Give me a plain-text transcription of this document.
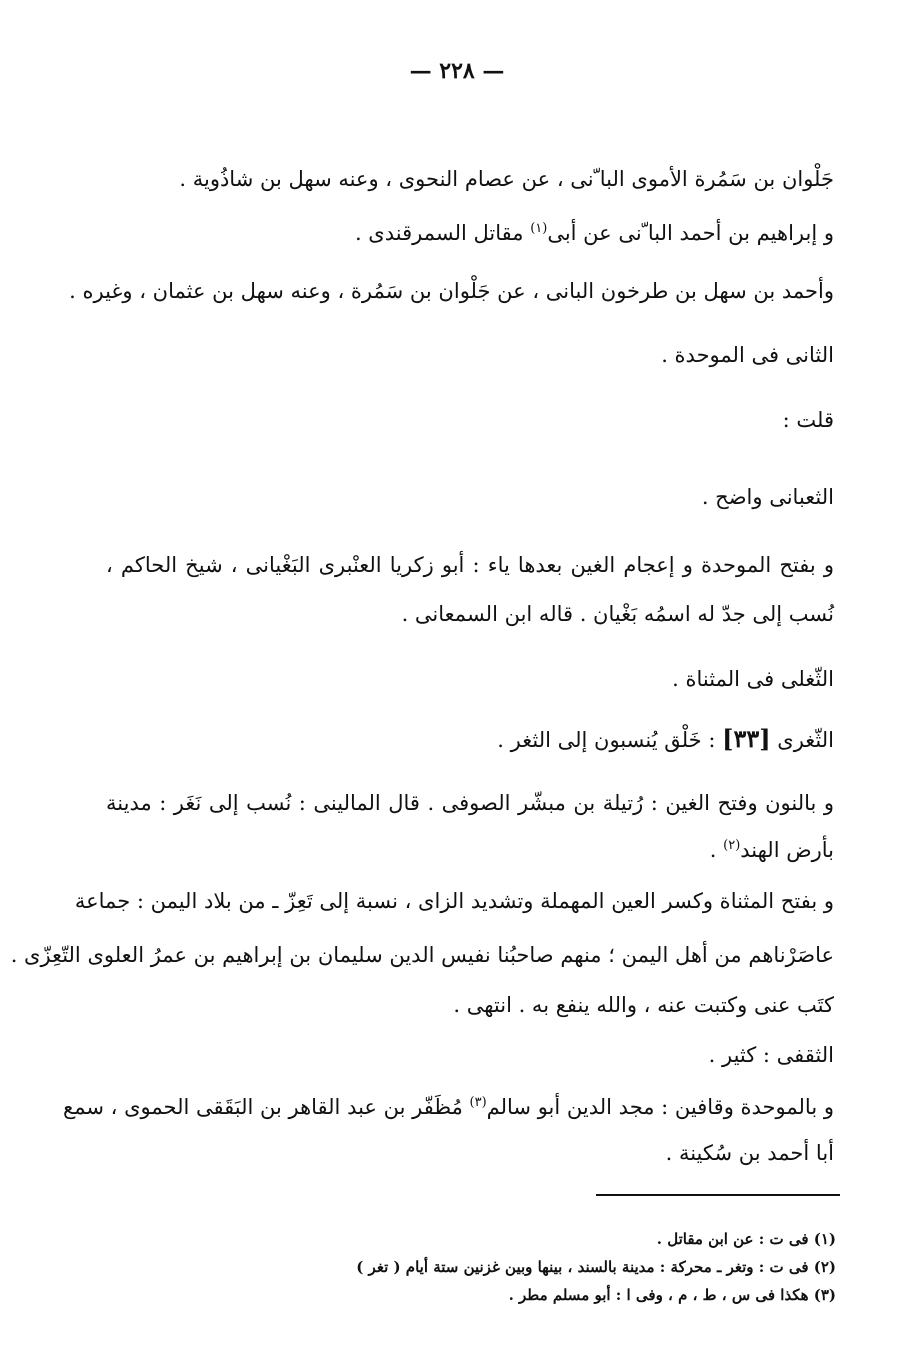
— ٢٢٨ —
جَلْوان بن سَمُرة الأموى البا ّنى ، عن عصام النحوى ، وعنه سهل بن شاذُوية .
و إبراهيم بن أحمد البا ّنى عن أبى$^{(١)}$ مقاتل السمرقندى .
وأحمد بن سهل بن طرخون البانى ، عن جَلْوان بن سَمُرة ، وعنه سهل بن عثمان ، وغيره .
الثانى فى الموحدة .
قلت :
الثعبانى واضح .
و بفتح الموحدة و إعجام الغين بعدها ياء : أبو زكريا العنْبرى البَغْيانى ، شيخ الحاكم ،
نُسب إلى جدّ له اسمُه بَغْيان . قاله ابن السمعانى .
الثّغلى فى المثناة .
الثّغرى [٣٣] : خَلْق يُنسبون إلى الثغر .
و بالنون وفتح الغين : رُتيلة بن مبشّر الصوفى . قال المالينى : نُسب إلى نَغَر : مدينة
بأرض الهند$^{(٢)}$ .
و بفتح المثناة وكسر العين المهملة وتشديد الزاى ، نسبة إلى تَعِزّ ـ من بلاد اليمن : جماعة
عاصَرْناهم من أهل اليمن ؛ منهم صاحبُنا نفيس الدين سليمان بن إبراهيم بن عمرُ العلوى التّعِزّى .
كتَب عنى وكتبت عنه ، والله ينفع به . انتهى .
الثقفى : كثير .
و بالموحدة وقافين : مجد الدين أبو سالم$^{(٣)}$ مُظَفّر بن عبد القاهر بن البَقَقى الحموى ، سمع
أبا أحمد بن سُكينة .
(١) فى ت : عن ابن مقاتل .
(٢) فى ت : وتغر ـ محركة : مدينة بالسند ، بينها وبين غزنين ستة أيام ( تغر )
(٣) هكذا فى س ، ط ، م ، وفى ا : أبو مسلم مطر .
